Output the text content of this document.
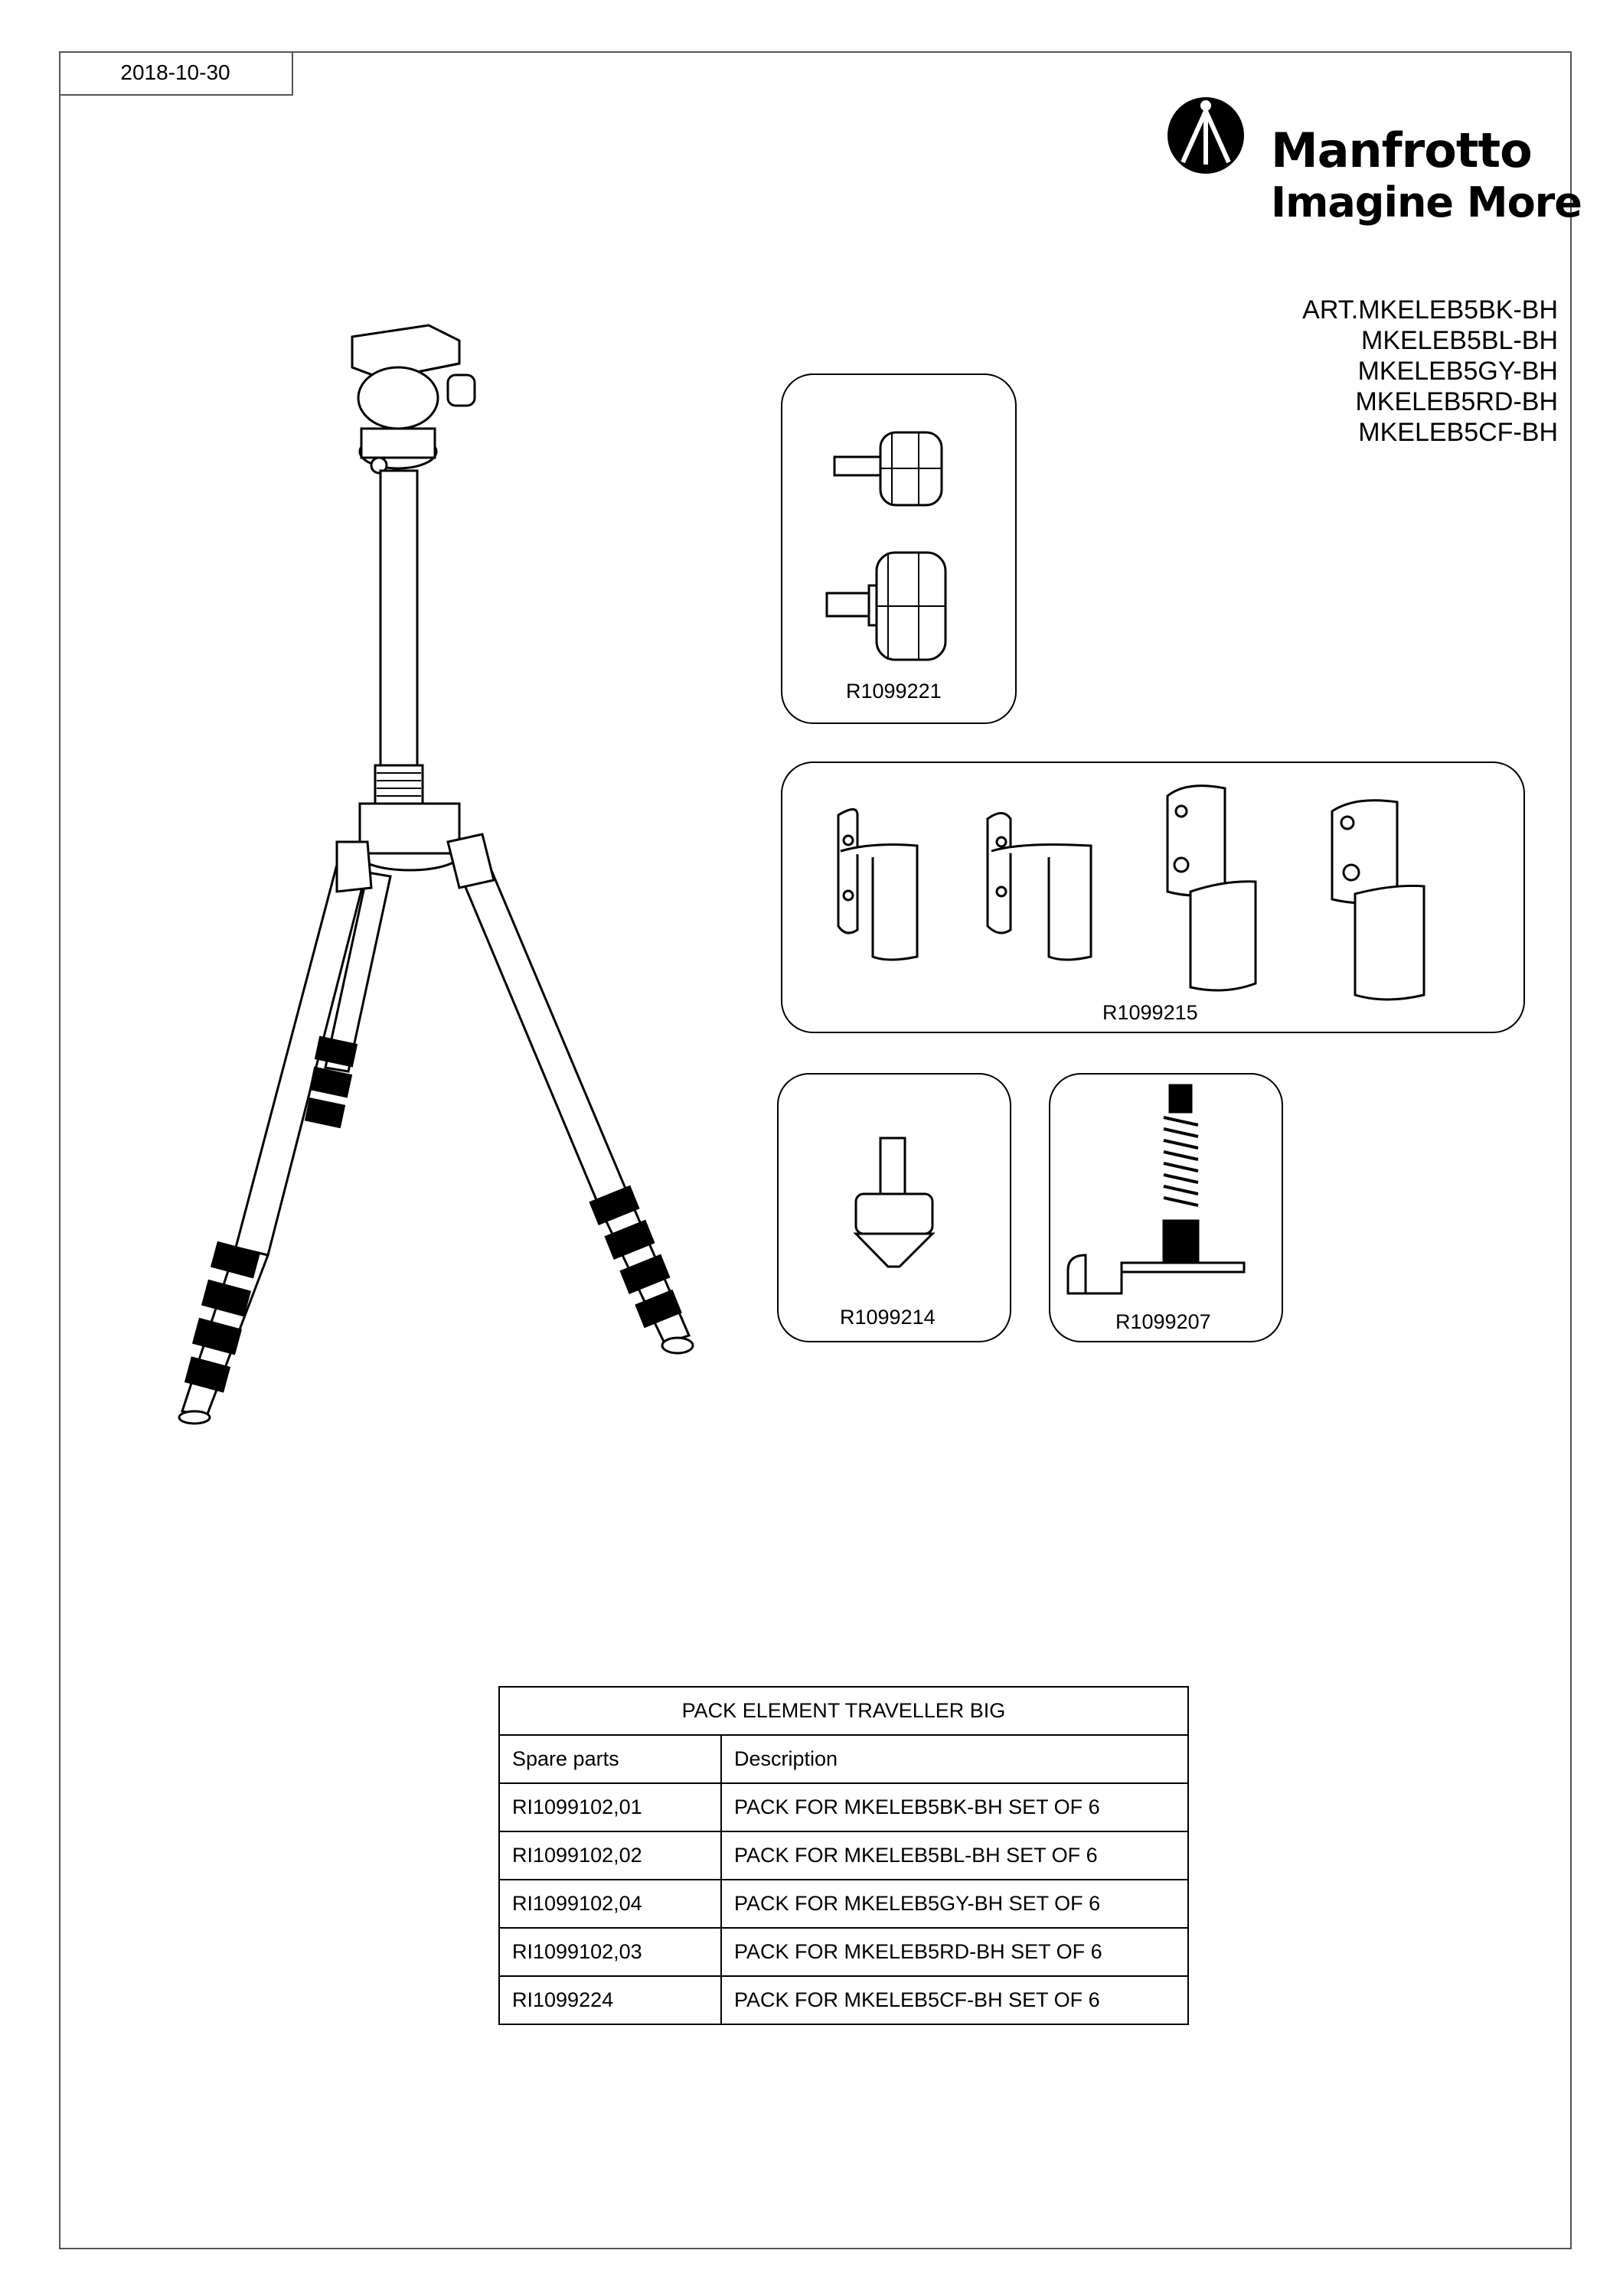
2018-10-30
Manfrotto
Imagine More
ART.MKELEB5BK-BH
MKELEB5BL-BH
MKELEB5GY-BH
MKELEB5RD-BH
MKELEB5CF-BH
R1099221
R1099215
R1099214	R1099207
PACK ELEMENT TRAVELLER BIG	
Spare parts	Description
RI1099102,01	PACK FOR MKELEB5BK-BH SET OF 6
RI1099102,02	PACK FOR MKELEB5BL-BH SET OF 6
RI1099102,04	PACK FOR MKELEB5GY-BH SET OF 6
RI1099102,03	PACK FOR MKELEB5RD-BH SET OF 6
RI1099224	PACK FOR MKELEB5CF-BH SET OF 6
